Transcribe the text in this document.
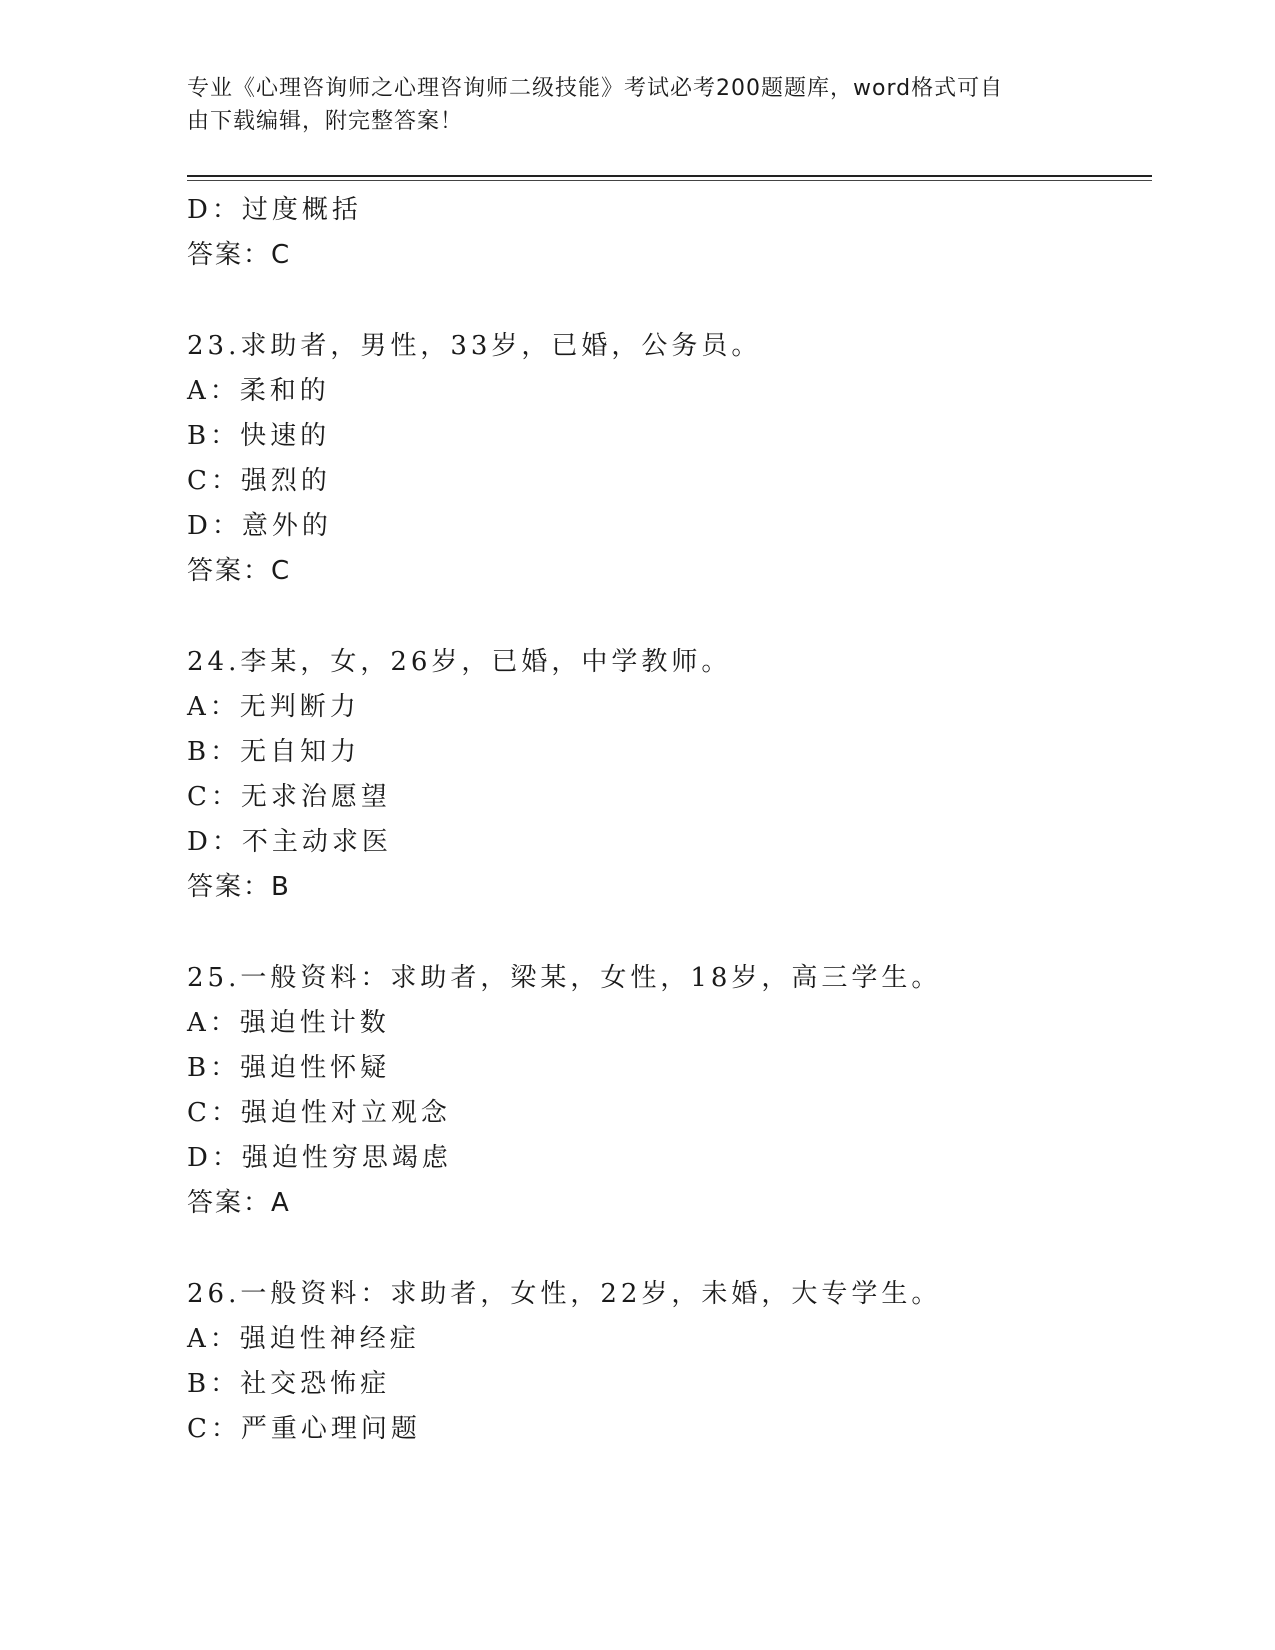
专业《心理咨询师之心理咨询师二级技能》考试必考200题题库，word格式可自
由下载编辑，附完整答案！
D：过度概括
答案：C
23.求助者，男性，33岁，已婚，公务员。
A：柔和的
B：快速的
C：强烈的
D：意外的
答案：C
24.李某，女，26岁，已婚，中学教师。
A：无判断力
B：无自知力
C：无求治愿望
D：不主动求医
答案：B
25.一般资料：求助者，梁某，女性，18岁，高三学生。
A：强迫性计数
B：强迫性怀疑
C：强迫性对立观念
D：强迫性穷思竭虑
答案：A
26.一般资料：求助者，女性，22岁，未婚，大专学生。
A：强迫性神经症
B：社交恐怖症
C：严重心理问题
